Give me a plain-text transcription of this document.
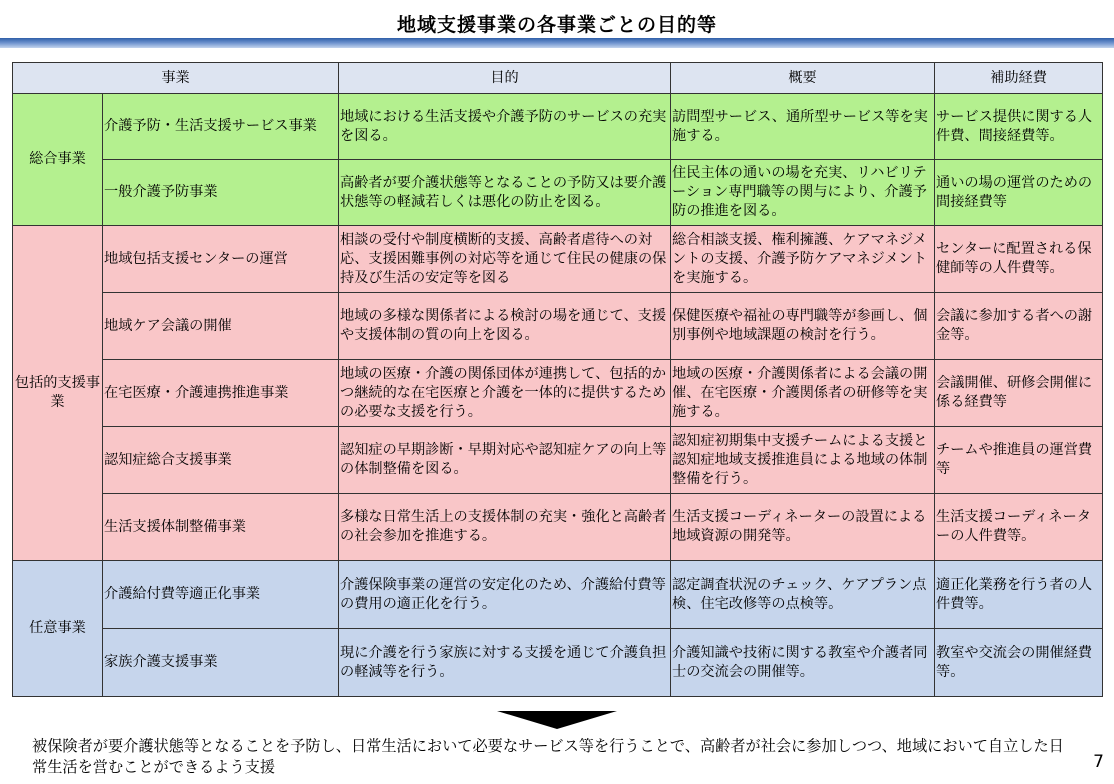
地域支援事業の各事業ごとの目的等
事業		目的	概要	補助経費
総合事業	介護予防・生活支援サービス事業	地域における生活支援や介護予防のサービスの充実を図る。	訪問型サービス、通所型サービス等を実施する。	サービス提供に関する人件費、間接経費等。
	一般介護予防事業	高齢者が要介護状態等となることの予防又は要介護状態等の軽減若しくは悪化の防止を図る。	住民主体の通いの場を充実、リハビリテーション専門職等の関与により、介護予防の推進を図る。	通いの場の運営のための間接経費等
包括的支援事業	地域包括支援センターの運営	相談の受付や制度横断的支援、高齢者虐待への対応、支援困難事例の対応等を通じて住民の健康の保持及び生活の安定等を図る	総合相談支援、権利擁護、ケアマネジメントの支援、介護予防ケアマネジメントを実施する。	センターに配置される保健師等の人件費等。
	地域ケア会議の開催	地域の多様な関係者による検討の場を通じて、支援や支援体制の質の向上を図る。	保健医療や福祉の専門職等が参画し、個別事例や地域課題の検討を行う。	会議に参加する者への謝金等。
	在宅医療・介護連携推進事業	地域の医療・介護の関係団体が連携して、包括的かつ継続的な在宅医療と介護を一体的に提供するための必要な支援を行う。	地域の医療・介護関係者による会議の開催、在宅医療・介護関係者の研修等を実施する。	会議開催、研修会開催に係る経費等
	認知症総合支援事業	認知症の早期診断・早期対応や認知症ケアの向上等の体制整備を図る。	認知症初期集中支援チームによる支援と認知症地域支援推進員による地域の体制整備を行う。	チームや推進員の運営費等
	生活支援体制整備事業	多様な日常生活上の支援体制の充実・強化と高齢者の社会参加を推進する。	生活支援コーディネーターの設置による地域資源の開発等。	生活支援コーディネーターの人件費等。
任意事業	介護給付費等適正化事業	介護保険事業の運営の安定化のため、介護給付費等の費用の適正化を行う。	認定調査状況のチェック、ケアプラン点検、住宅改修等の点検等。	適正化業務を行う者の人件費等。
	家族介護支援事業	現に介護を行う家族に対する支援を通じて介護負担の軽減等を行う。	介護知識や技術に関する教室や介護者同士の交流会の開催等。	教室や交流会の開催経費等。
被保険者が要介護状態等となることを予防し、日常生活において必要なサービス等を行うことで、高齢者が社会に参加しつつ、地域において自立した日常生活を営むことができるよう支援	7
